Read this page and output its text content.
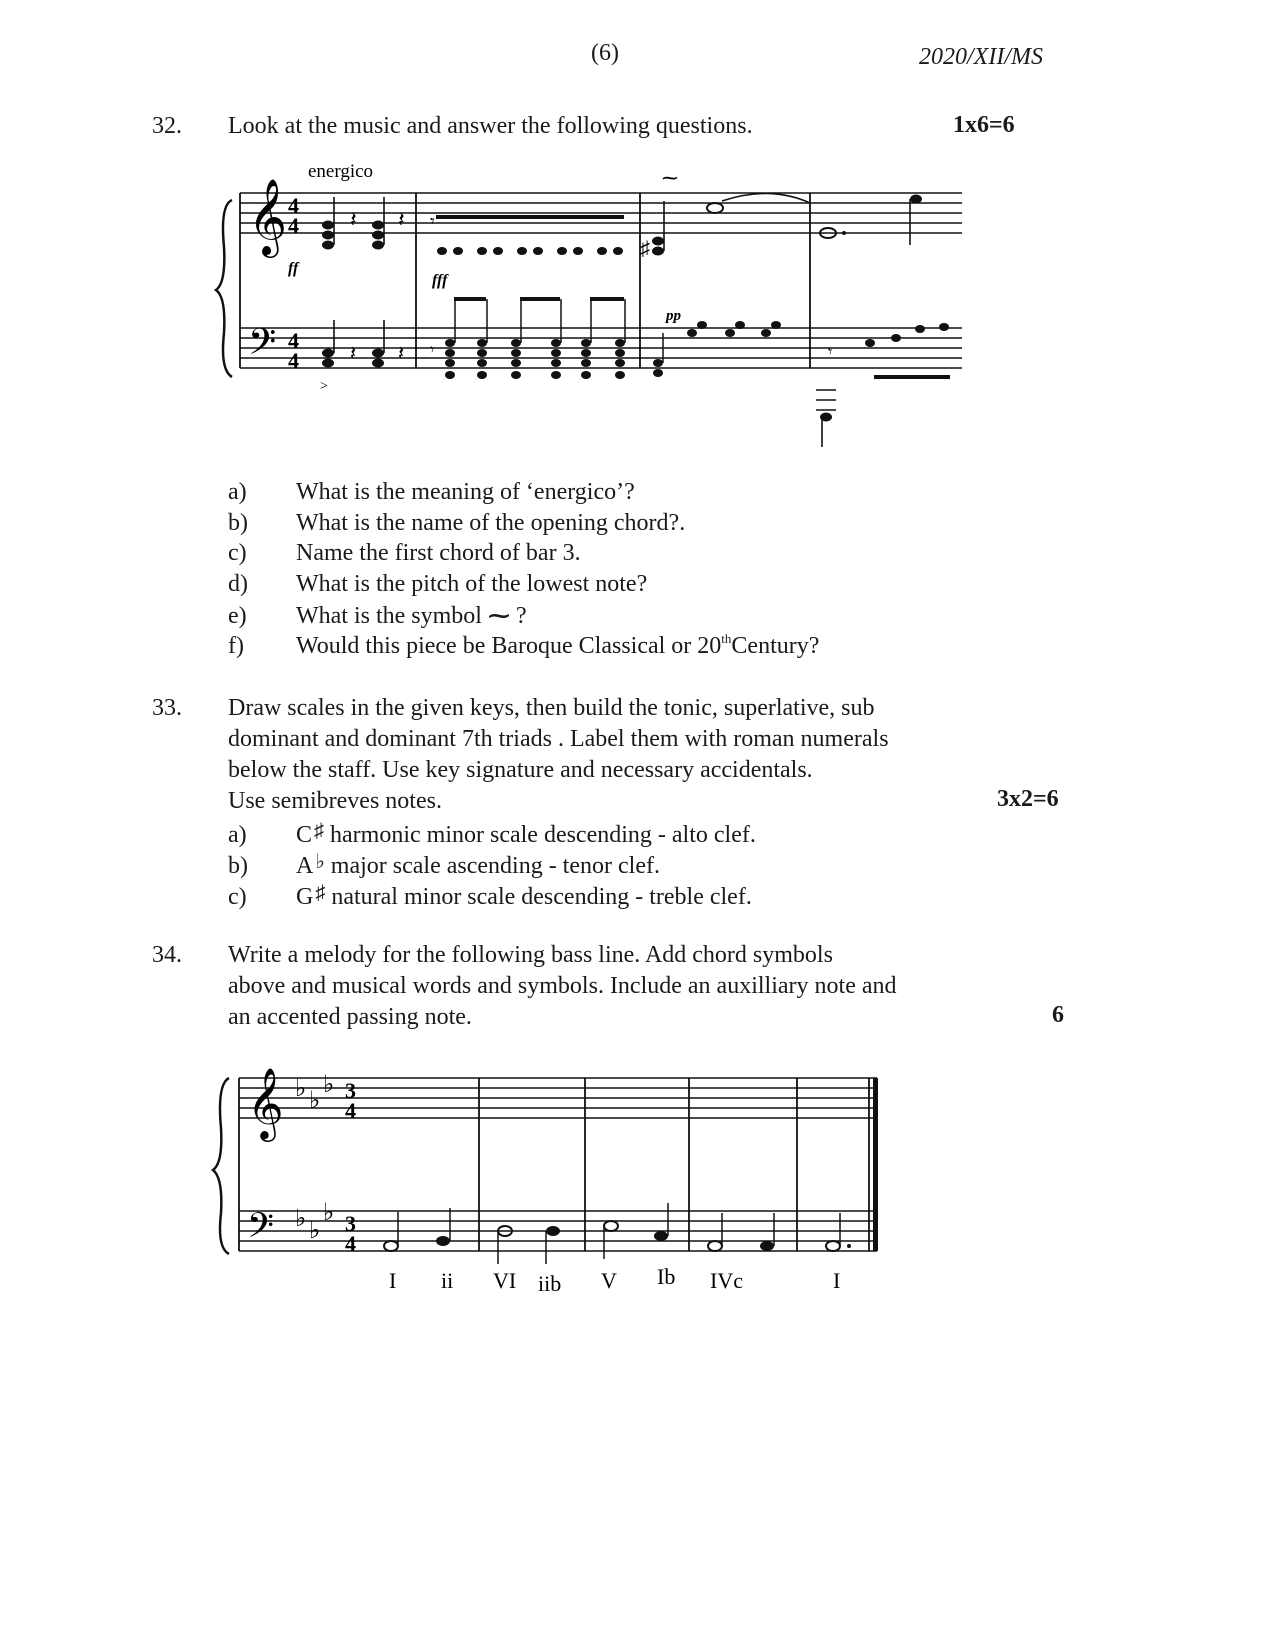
(6)	2020/XII/MS
32. Look at the music and answer the following questions.	1x6=6
energico
𝄞
𝄢
4
4
4
4
𝄽 𝄽
ff
𝄾
fff
⁓
♯
pp
𝄽 𝄽
>
𝄾	𝄾
a) What is the meaning of ‘energico’?
b) What is the name of the opening chord?.
c) Name the first chord of bar 3.
d) What is the pitch of the lowest note?
e) What is the symbol ⁓ ?
f) Would this piece be Baroque Classical or 20thCentury?
33. Draw scales in the given keys, then build the tonic, superlative, sub
dominant and dominant 7th triads . Label them with roman numerals
below the staff. Use key signature and necessary accidentals.
Use semibreves notes.	3x2=6
a) C ♯ harmonic minor scale descending - alto clef.
b) A ♭ major scale ascending - tenor clef.
c) G ♯ natural minor scale descending - treble clef.
34. Write a melody for the following bass line. Add chord symbols
above and musical words and symbols. Include an auxilliary note and
an accented passing note.	6
𝄞
𝄢
♭ ♭
♭
♭ ♭
♭
3
4
3
4
I ii VI iib V Ib IVc	I
